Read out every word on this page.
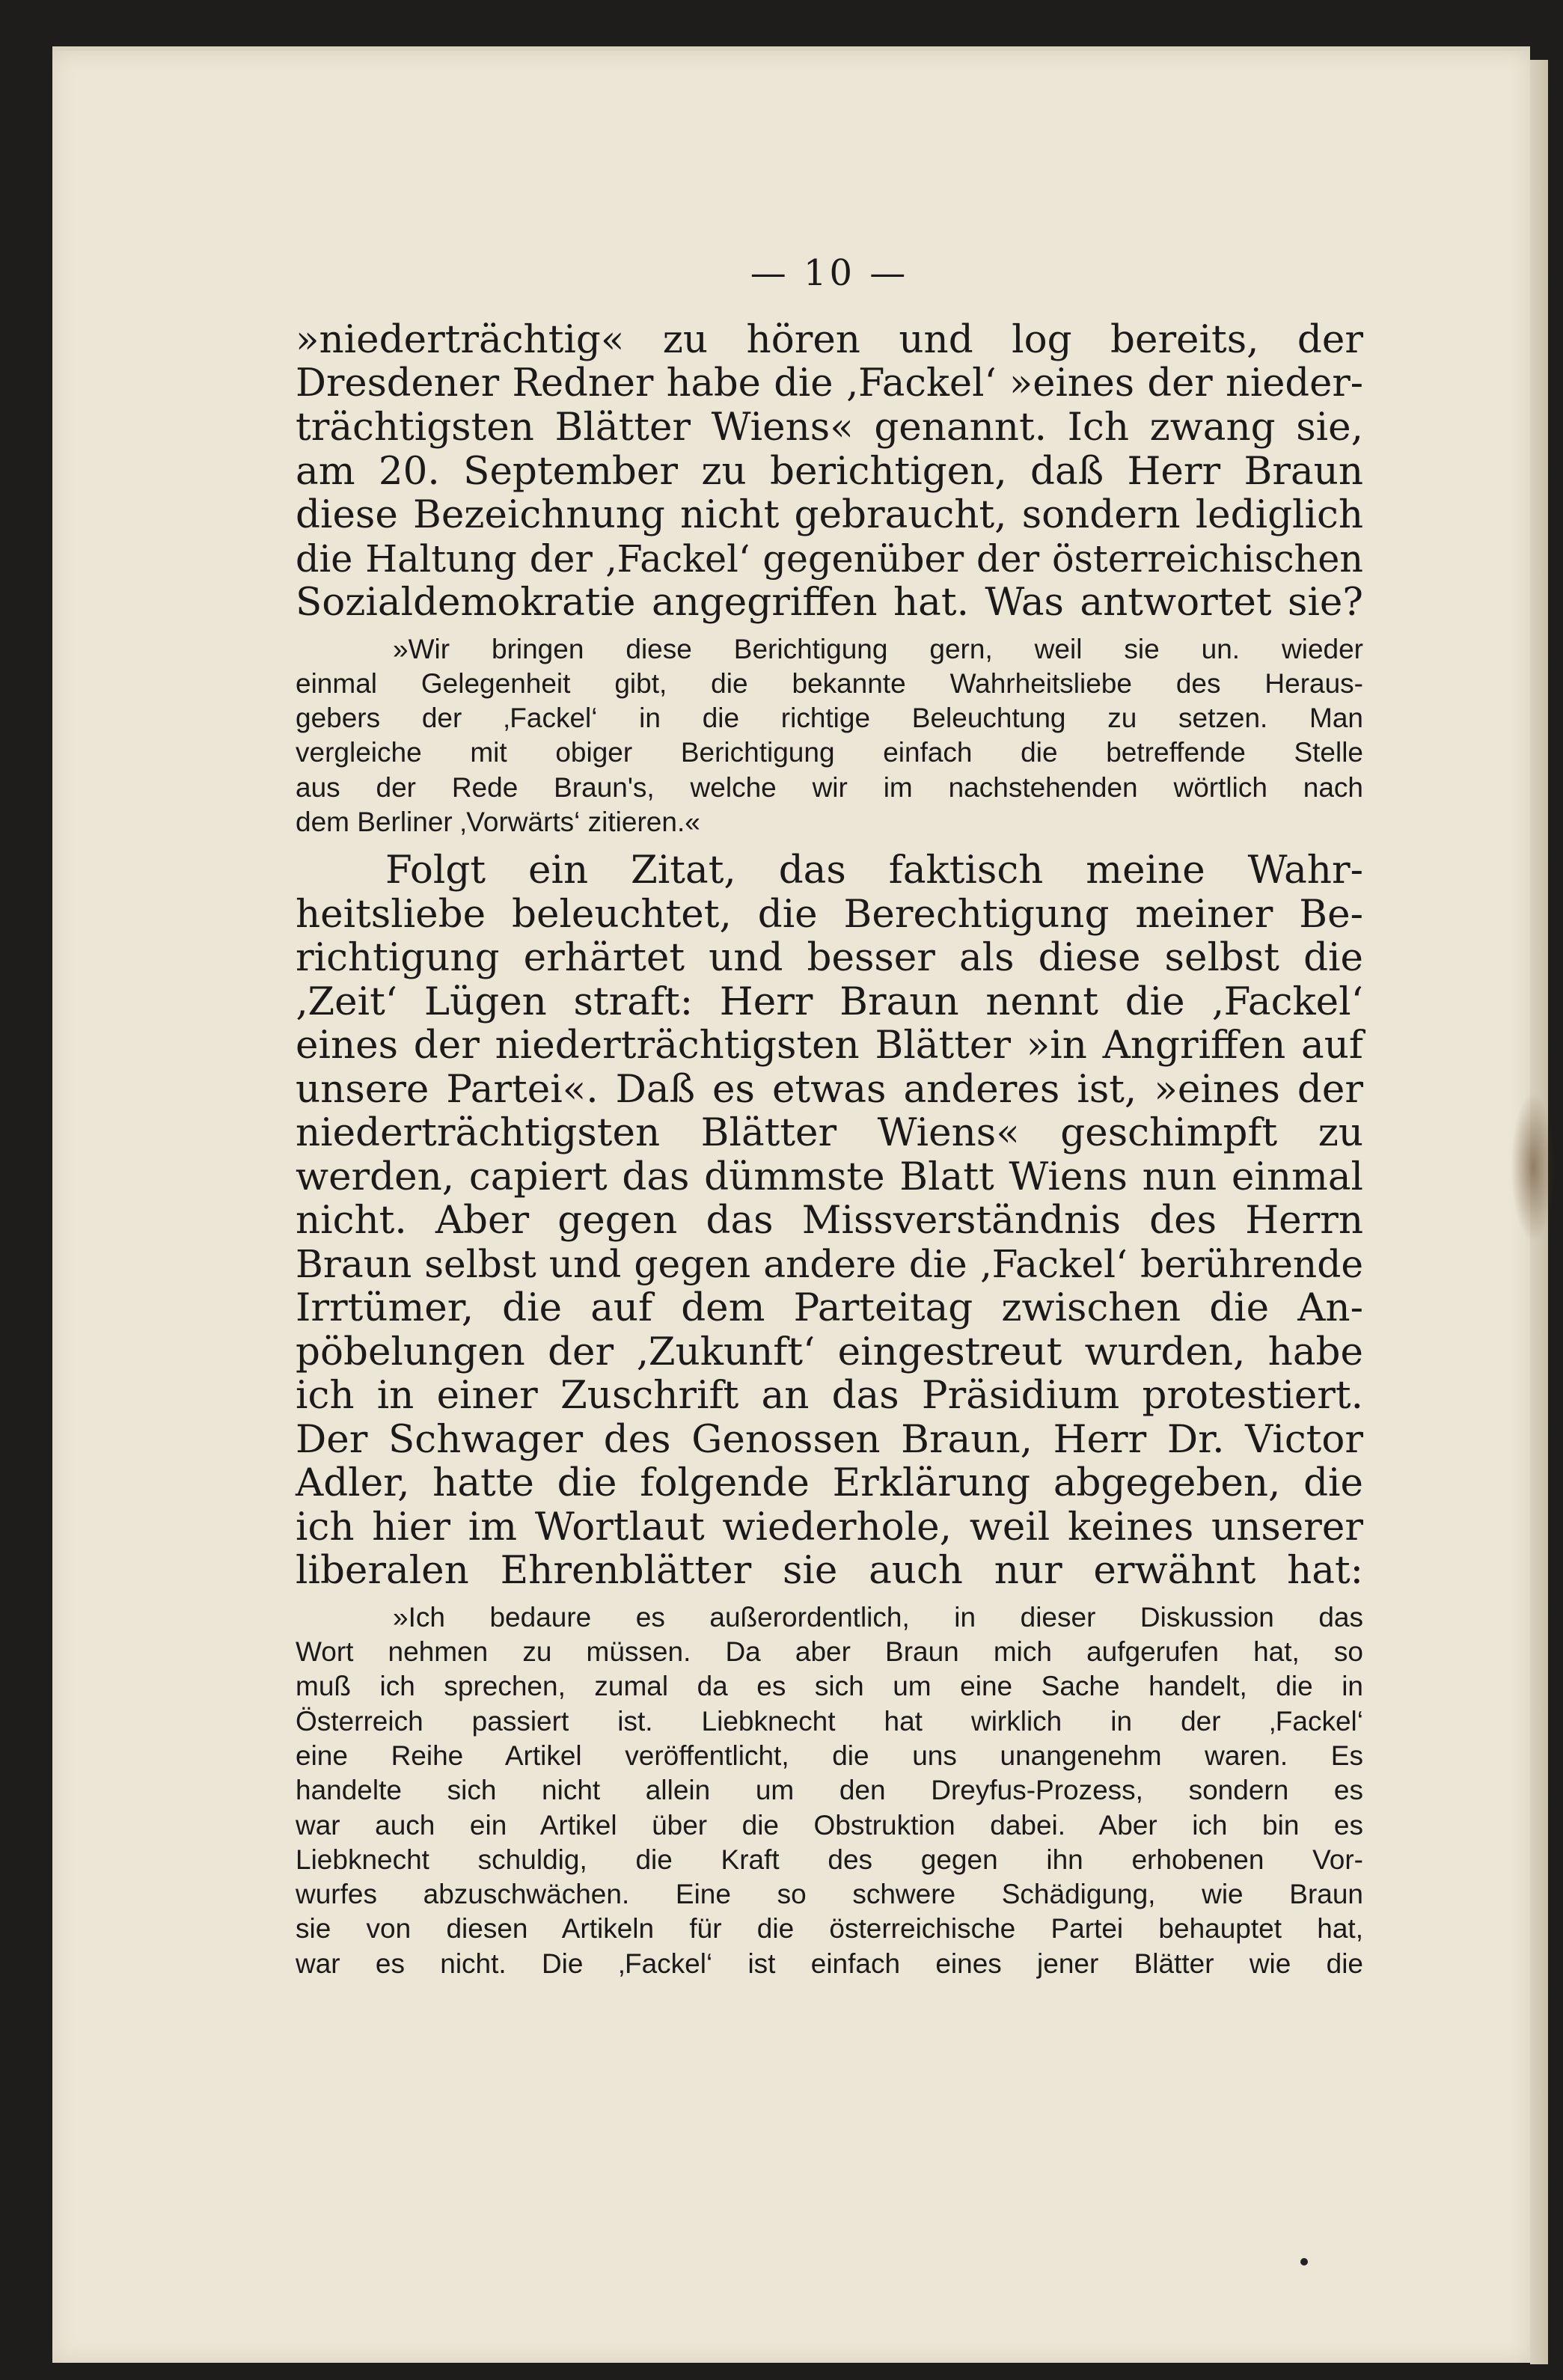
— 10 —
»niederträchtig« zu hören und log bereits, der
Dresdener Redner habe die ‚Fackel‘ »eines der nieder-
trächtigsten Blätter Wiens« genannt. Ich zwang sie,
am 20. September zu berichtigen, daß Herr Braun
diese Bezeichnung nicht gebraucht, sondern lediglich
die Haltung der ‚Fackel‘ gegenüber der österreichischen
Sozialdemokratie angegriffen hat. Was antwortet sie?
»Wir bringen diese Berichtigung gern, weil sie un. wieder
einmal Gelegenheit gibt, die bekannte Wahrheitsliebe des Heraus-
gebers der ‚Fackel‘ in die richtige Beleuchtung zu setzen. Man
vergleiche mit obiger Berichtigung einfach die betreffende Stelle
aus der Rede Braun's, welche wir im nachstehenden wörtlich nach
dem Berliner ‚Vorwärts‘ zitieren.«
Folgt ein Zitat, das faktisch meine Wahr-
heitsliebe beleuchtet, die Berechtigung meiner Be-
richtigung erhärtet und besser als diese selbst die
‚Zeit‘ Lügen straft: Herr Braun nennt die ‚Fackel‘
eines der niederträchtigsten Blätter »in Angriffen auf
unsere Partei«. Daß es etwas anderes ist, »eines der
niederträchtigsten Blätter Wiens« geschimpft zu
werden, capiert das dümmste Blatt Wiens nun einmal
nicht. Aber gegen das Missverständnis des Herrn
Braun selbst und gegen andere die ‚Fackel‘ berührende
Irrtümer, die auf dem Parteitag zwischen die An-
pöbelungen der ‚Zukunft‘ eingestreut wurden, habe
ich in einer Zuschrift an das Präsidium protestiert.
Der Schwager des Genossen Braun, Herr Dr. Victor
Adler, hatte die folgende Erklärung abgegeben, die
ich hier im Wortlaut wiederhole, weil keines unserer
liberalen Ehrenblätter sie auch nur erwähnt hat:
»Ich bedaure es außerordentlich, in dieser Diskussion das
Wort nehmen zu müssen. Da aber Braun mich aufgerufen hat, so
muß ich sprechen, zumal da es sich um eine Sache handelt, die in
Österreich passiert ist. Liebknecht hat wirklich in der ‚Fackel‘
eine Reihe Artikel veröffentlicht, die uns unangenehm waren. Es
handelte sich nicht allein um den Dreyfus-Prozess, sondern es
war auch ein Artikel über die Obstruktion dabei. Aber ich bin es
Liebknecht schuldig, die Kraft des gegen ihn erhobenen Vor-
wurfes abzuschwächen. Eine so schwere Schädigung, wie Braun
sie von diesen Artikeln für die österreichische Partei behauptet hat,
war es nicht. Die ‚Fackel‘ ist einfach eines jener Blätter wie die
